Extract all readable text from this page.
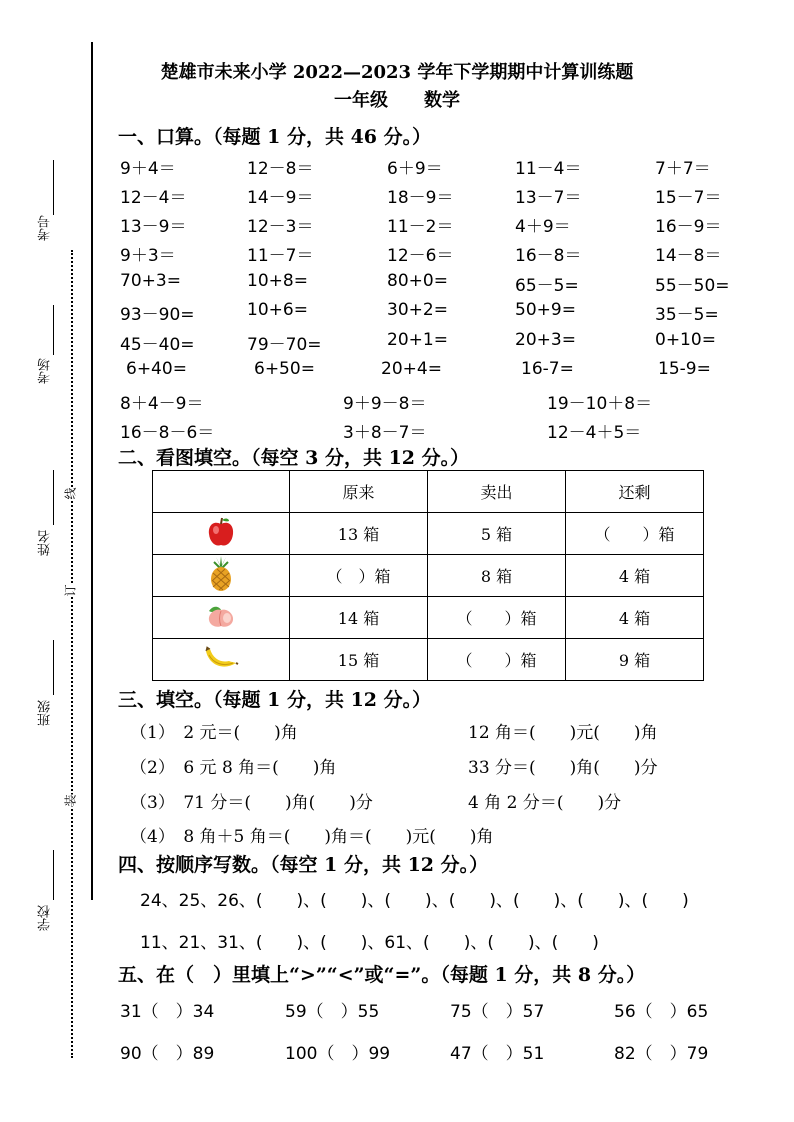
考号
考场
姓名
班级
学校
线
订
装
楚雄市未来小学 2022—2023 学年下学期期中计算训练题
一年级　　数学
一、口算。（每题 1 分，共 46 分。）
9＋4＝	12－8＝	6＋9＝	11－4＝	7＋7＝
12－4＝	14－9＝	18－9＝	13－7＝	15－7＝
13－9＝	12－3＝	11－2＝	4＋9＝	16－9＝
9＋3＝	11－7＝	12－6＝	16－8＝	14－8＝
70+3=	10+8=	80+0=	65－5=	55－50=
93－90=	10+6=	30+2=	50+9=	35－5=
45－40=	79－70=	20+1=	20+3=	0+10=
6+40=	6+50=	20+4=	16-7=	15-9=
8＋4－9＝	9＋9－8＝	19－10＋8＝
16－8－6＝	3＋8－7＝	12－4＋5＝
二、看图填空。（每空 3 分，共 12 分。）
	原来	卖出	还剩
	13 箱	5 箱	（　　）箱
	（　）箱	8 箱	4 箱
	14 箱	（　　）箱	4 箱
	15 箱	（　　）箱	9 箱
三、填空。（每题 1 分，共 12 分。）
（1）　2 元＝(　　)角	12 角＝(　　)元(　　)角
（2）　6 元 8 角＝(　　)角	33 分＝(　　)角(　　)分
（3）　71 分＝(　　)角(　　)分	4 角 2 分＝(　　)分
（4）　8 角＋5 角＝(　　)角＝(　　)元(　　)角
四、按顺序写数。（每空 1 分，共 12 分。）
24、25、26、(　　)、(　　)、(　　)、(　　)、(　　)、(　　)、(　　)
11、21、31、(　　)、(　　)、61、(　　)、(　　)、(　　)
五、在（　）里填上“>”“<”或“=”。（每题 1 分，共 8 分。）
31（　）34	59（　）55	75（　）57	56（　）65
90（　）89	100（　）99	47（　）51	82（　）79
